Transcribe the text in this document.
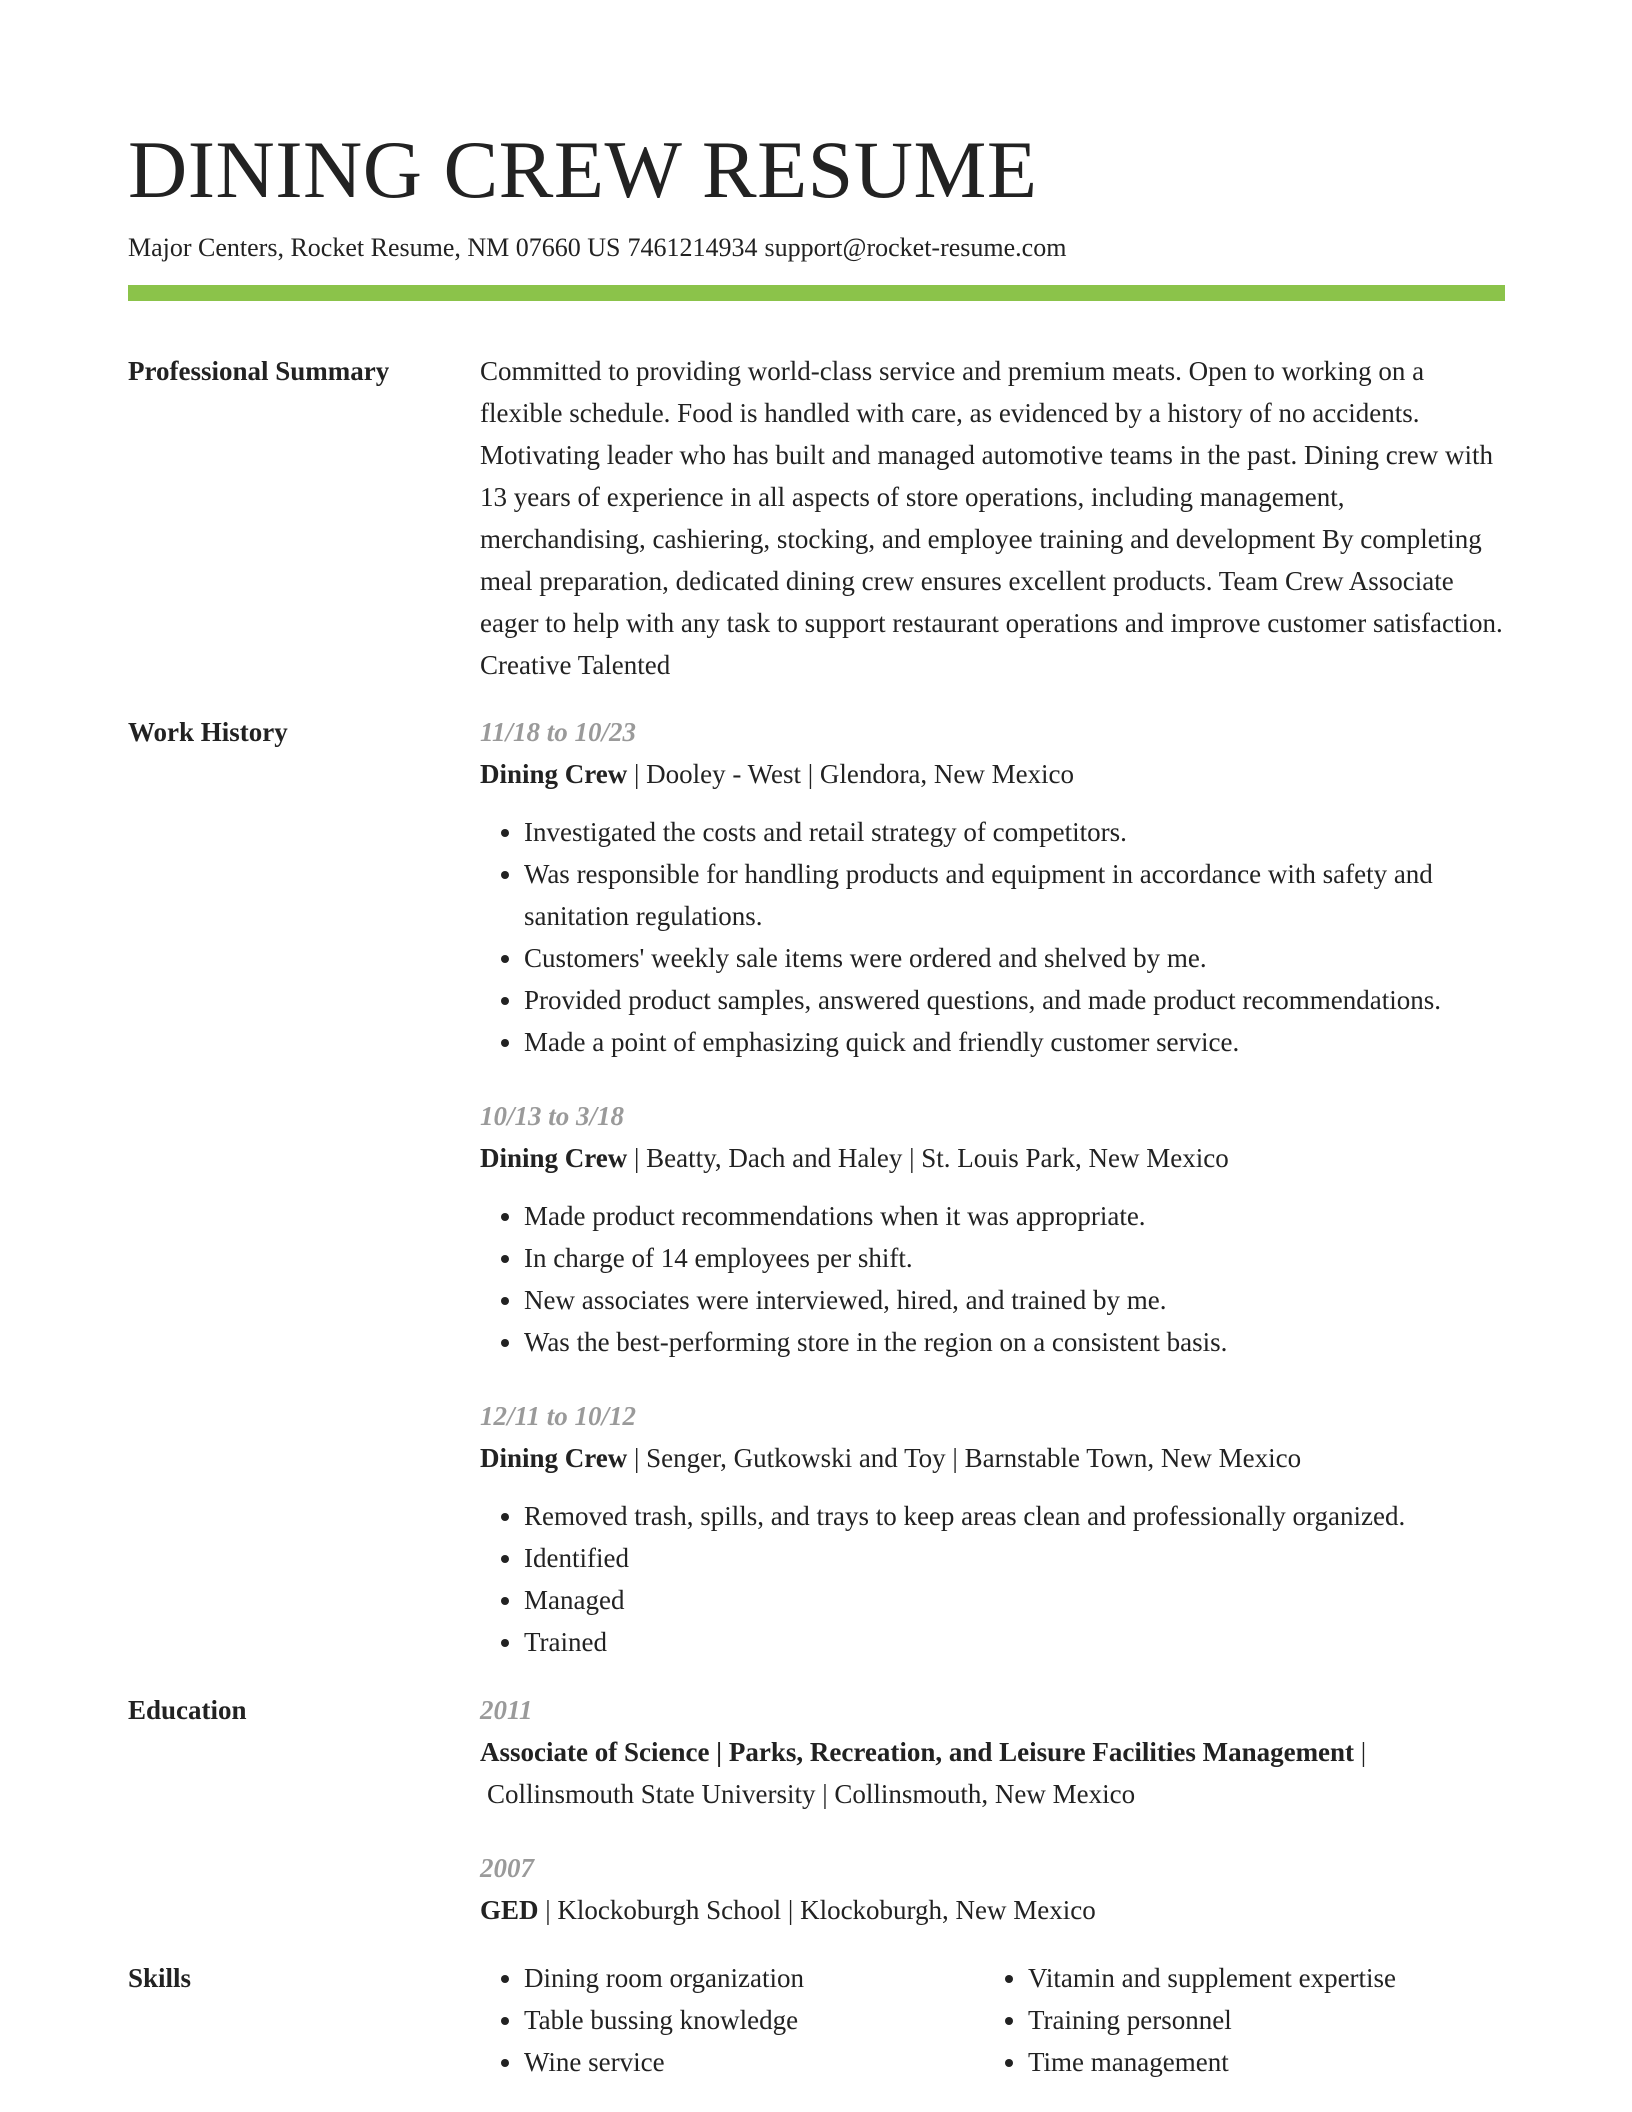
DINING CREW RESUME
Major Centers, Rocket Resume, NM 07660 US 7461214934 support@rocket-resume.com
Professional Summary	Committed to providing world-class service and premium meats. Open to working on a flexible schedule. Food is handled with care, as evidenced by a history of no accidents. Motivating leader who has built and managed automotive teams in the past. Dining crew with 13 years of experience in all aspects of store operations, including management, merchandising, cashiering, stocking, and employee training and development By completing meal preparation, dedicated dining crew ensures excellent products. Team Crew Associate eager to help with any task to support restaurant operations and improve customer satisfaction. Creative Talented
Work History	11/18 to 10/23
Dining Crew | Dooley - West | Glendora, New Mexico
• Investigated the costs and retail strategy of competitors.
• Was responsible for handling products and equipment in accordance with safety and sanitation regulations.
• Customers' weekly sale items were ordered and shelved by me.
• Provided product samples, answered questions, and made product recommendations.
• Made a point of emphasizing quick and friendly customer service.
10/13 to 3/18
Dining Crew | Beatty, Dach and Haley | St. Louis Park, New Mexico
• Made product recommendations when it was appropriate.
• In charge of 14 employees per shift.
• New associates were interviewed, hired, and trained by me.
• Was the best-performing store in the region on a consistent basis.
12/11 to 10/12
Dining Crew | Senger, Gutkowski and Toy | Barnstable Town, New Mexico
• Removed trash, spills, and trays to keep areas clean and professionally organized.
• Identified
• Managed
• Trained
Education	2011
Associate of Science | Parks, Recreation, and Leisure Facilities Management |
Collinsmouth State University | Collinsmouth, New Mexico
2007
GED | Klockoburgh School | Klockoburgh, New Mexico
Skills
•	Dining room organization
• Table bussing knowledge
• Wine service
• Vitamin and supplement expertise
• Training personnel
• Time management
